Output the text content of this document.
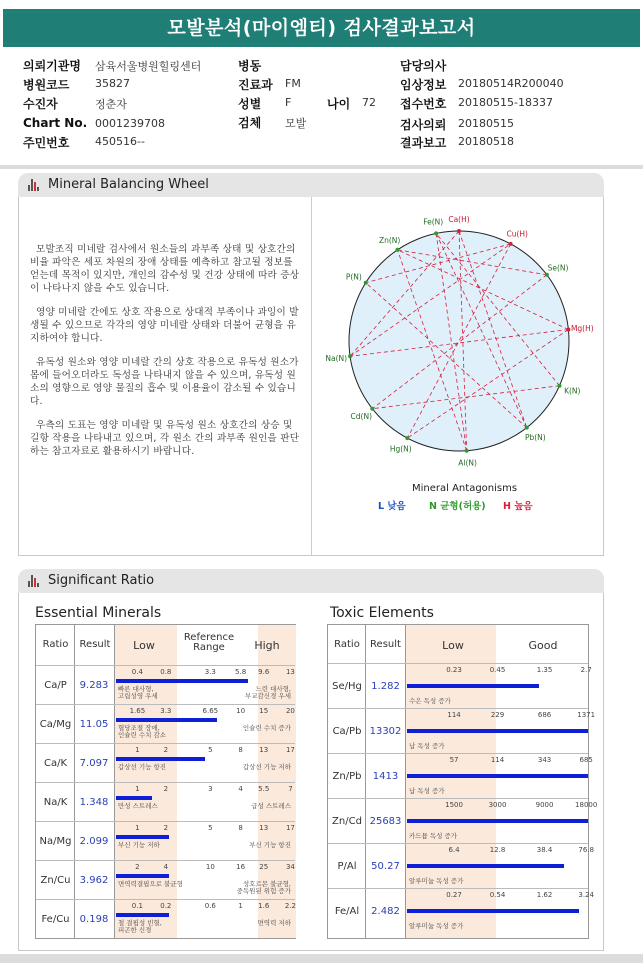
모발분석(마이엠티) 검사결과보고서
의뢰기관명 삼육서울병원힐링센터
병원코드 35827
수진자	정춘자
Chart No. 0001239708
주민번호 450516--
병동
진료과 FM
성별 F	나이 72
검체 모발
담당의사
임상정보 20180514R200040
접수번호 20180515-18337
검사의뢰 20180515
결과보고 20180518
Mineral Balancing Wheel

모발조직 미네랄 검사에서 원소들의 과부족 상태 및 상호간의 비율 파악은 세포 차원의 장애 상태를 예측하고 참고될 정보를 얻는데 목적이 있지만, 개인의 감수성 및 건강 상태에 따라 증상이 나타나지 않을 수도 있습니다.

영양 미네랄 간에도 상호 작용으로 상대적 부족이나 과잉이 발생될 수 있으므로 각각의 영양 미네랄 상태와 더불어 균형을 유지하여야 합니다.

유독성 원소와 영양 미네랄 간의 상호 작용으로 유독성 원소가 몸에 들어오더라도 독성을 나타내지 않을 수 있으며, 유독성 원소의 영향으로 영양 물질의 흡수 및 이용율이 감소될 수 있습니다.

우측의 도표는 영양 미네랄 및 유독성 원소 상호간의 상승 및 길항 작용을 나타내고 있으며, 각 원소 간의 과부족 원인을 판단하는 참고자료로 활용하시기 바랍니다.

Ca(H)
Cu(H)
Se(N)
Mg(H)
K(N)
Pb(N)
Al(N)
Hg(N)
Cd(N)
Na(N)
P(N)
Zn(N)
Fe(N)
Mineral Antagonisms
L 낮음 N 균형(허용) H 높음
Significant Ratio
Essential Minerals
Ratio	Result	Low
Reference
Range	High
Ca/P	9.283
0.4 0.8	3.3	5.8 9.6 13
빠른 대사형,
고립성영 우세
느린 대사형,
부교감신경 우세
Ca/Mg 11.05
1.65 3.3	6.65	10 15	20
혈당조절 장애,
인슐린 수치 감소
인슐린 수치 증가
Ca/K	7.097
1	2	5	8 13	17
갑상선 기능 항진	갑상선 기능 저하
Na/K	1.348
1	2	3	4 5.5	7
만성 스트레스	급성 스트레스
Na/Mg 2.099
1	2	5	8 13	17
부신 기능 저하	부신 기능 항진
Zn/Cu 3.962
2	4	10	16 25	34
면역력결핍으로 불균형	성호르몬 불균형,
중독원된 위험 증가
Fe/Cu	0.198
0.1 0.2	0.6	1 1.6 2.2
철 결핍성 빈혈,
피곤한 신경
면역력 저하
Toxic Elements
Ratio	Result	Low	Good
Se/Hg 1.282
0.23	0.45	1.35	2.7
수은 독성 증가
Ca/Pb 13302
114	229	686	1371
납 독성 증가
Zn/Pb	1413
57	114	343	685
납 독성 증가
Zn/Cd 25683
1500	3000	9000	18000
카드뮴 독성 증가
P/Al	50.27
6.4	12.8	38.4	76.8
알루미늄 독성 증가
Fe/Al	2.482
0.27	0.54	1.62	3.24
알루미늄 독성 증가
